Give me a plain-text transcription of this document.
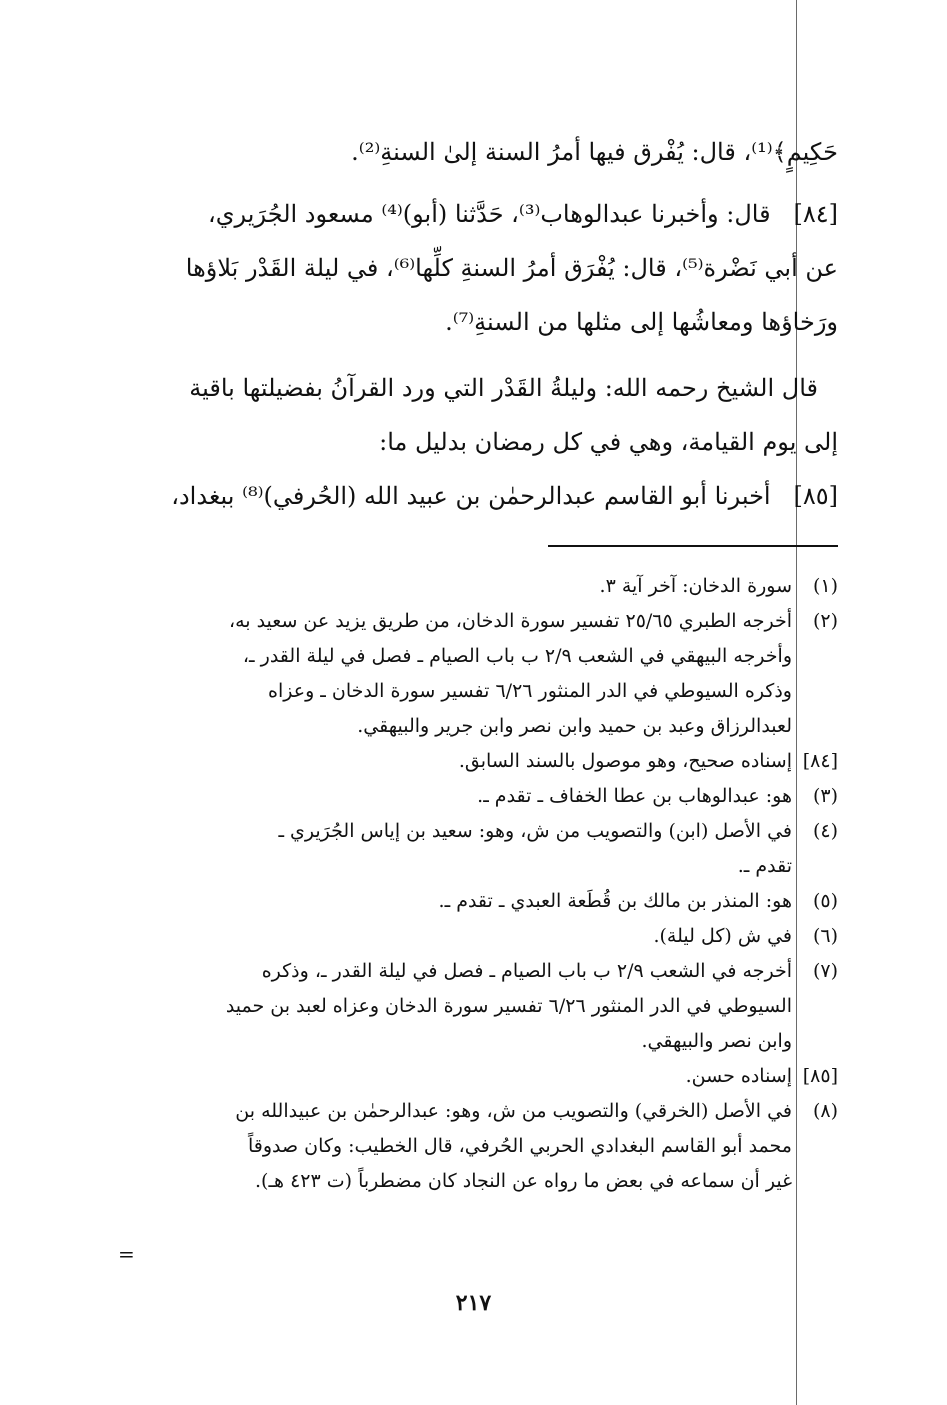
حَكِيمٍ﴾⁽¹⁾، قال: يُفْرق فيها أمرُ السنة إلىٰ السنةِ⁽²⁾.

[٨٤]   قال: وأخبرنا عبدالوهاب⁽³⁾، حَدَّثنا (أبو)⁽⁴⁾ مسعود الجُرَيري،
عن أبي نَضْرة⁽⁵⁾، قال: يُفْرَق أمرُ السنةِ كلِّها⁽⁶⁾، في ليلة القَدْر بَلاؤها
ورَخاؤها ومعاشُها إلى مثلها من السنةِ⁽⁷⁾.

قال الشيخ رحمه الله: وليلةُ القَدْر التي ورد القرآنُ بفضيلتها باقية
إلى يوم القيامة، وهي في كل رمضان بدليل ما:

[٨٥]   أخبرنا أبو القاسم عبدالرحمٰن بن عبيد الله (الحُرفي)⁽⁸⁾ ببغداد،

(١)
سورة الدخان: آخر آية ٣.
(٢)
أخرجه الطبري ٢٥/٦٥ تفسير سورة الدخان، من طريق يزيد عن سعيد به،
وأخرجه البيهقي في الشعب ٢/٩ ب باب الصيام ـ فصل في ليلة القدر ـ،
وذكره السيوطي في الدر المنثور ٦/٢٦ تفسير سورة الدخان ـ وعزاه
لعبدالرزاق وعبد بن حميد وابن نصر وابن جرير والبيهقي.
[٨٤]
إسناده صحيح، وهو موصول بالسند السابق.
(٣)
هو: عبدالوهاب بن عطا الخفاف ـ تقدم ـ.
(٤)
في الأصل (ابن) والتصويب من ش، وهو: سعيد بن إياس الجُرَيري ـ
تقدم ـ.
(٥)
هو: المنذر بن مالك بن قُطَعة العبدي ـ تقدم ـ.
(٦)
في ش (كل ليلة).
(٧)
أخرجه في الشعب ٢/٩ ب باب الصيام ـ فصل في ليلة القدر ـ، وذكره
السيوطي في الدر المنثور ٦/٢٦ تفسير سورة الدخان وعزاه لعبد بن حميد
وابن نصر والبيهقي.
[٨٥]
إسناده حسن.
(٨)
في الأصل (الخرقي) والتصويب من ش، وهو: عبدالرحمٰن بن عبيدالله بن
محمد أبو القاسم البغدادي الحربي الحُرفي، قال الخطيب: وكان صدوقاً
غير أن سماعه في بعض ما رواه عن النجاد كان مضطرباً (ت ٤٢٣ هـ).
=
٢١٧
